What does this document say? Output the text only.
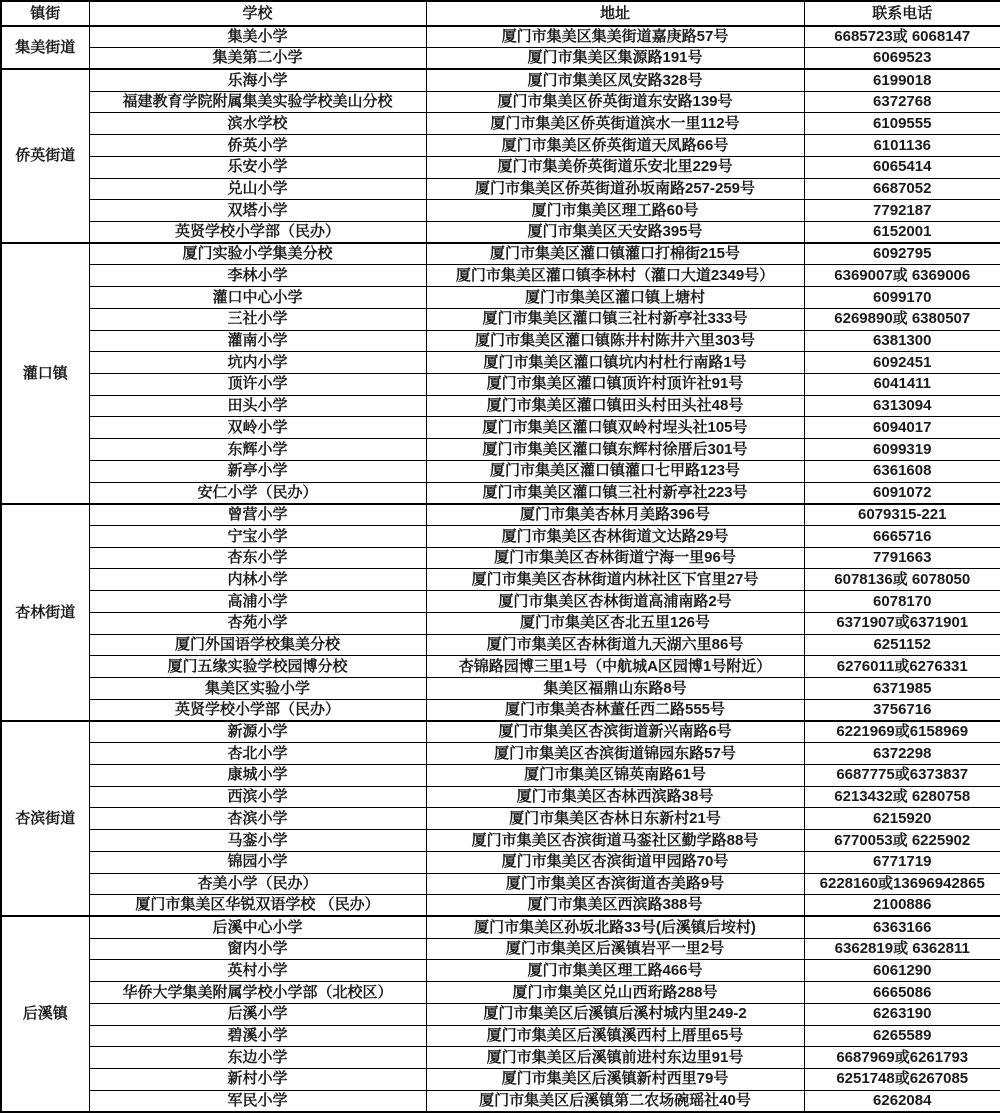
镇街	学校	地址	联系电话
集美街道	集美小学	厦门市集美区集美街道嘉庚路57号	6685723或 6068147
	集美第二小学	厦门市集美区集源路191号	6069523
侨英街道	乐海小学	厦门市集美区凤安路328号	6199018
	福建教育学院附属集美实验学校美山分校	厦门市集美区侨英街道东安路139号	6372768
	滨水学校	厦门市集美区侨英街道滨水一里112号	6109555
	侨英小学	厦门市集美区侨英街道天凤路66号	6101136
	乐安小学	厦门市集美侨英街道乐安北里229号	6065414
	兑山小学	厦门市集美区侨英街道孙坂南路257-259号	6687052
	双塔小学	厦门市集美区理工路60号	7792187
	英贤学校小学部（民办）	厦门市集美区天安路395号	6152001
灌口镇	厦门实验小学集美分校	厦门市集美区灌口镇灌口打棉街215号	6092795
	李林小学	厦门市集美区灌口镇李林村（灌口大道2349号）	6369007或 6369006
	灌口中心小学	厦门市集美区灌口镇上塘村	6099170
	三社小学	厦门市集美区灌口镇三社村新亭社333号	6269890或 6380507
	灌南小学	厦门市集美区灌口镇陈井村陈井六里303号	6381300
	坑内小学	厦门市集美区灌口镇坑内村杜行南路1号	6092451
	顶许小学	厦门市集美区灌口镇顶许村顶许社91号	6041411
	田头小学	厦门市集美区灌口镇田头村田头社48号	6313094
	双岭小学	厦门市集美区灌口镇双岭村埕头社105号	6094017
	东辉小学	厦门市集美区灌口镇东辉村徐厝后301号	6099319
	新亭小学	厦门市集美区灌口镇灌口七甲路123号	6361608
	安仁小学（民办）	厦门市集美区灌口镇三社村新亭社223号	6091072
杏林街道	曾营小学	厦门市集美杏林月美路396号	6079315-221
	宁宝小学	厦门市集美区杏林街道文达路29号	6665716
	杏东小学	厦门市集美区杏林街道宁海一里96号	7791663
	内林小学	厦门市集美区杏林街道内林社区下官里27号	6078136或 6078050
	高浦小学	厦门市集美区杏林街道高浦南路2号	6078170
	杏苑小学	厦门市集美区杏北五里126号	6371907或6371901
	厦门外国语学校集美分校	厦门市集美区杏林街道九天湖六里86号	6251152
	厦门五缘实验学校园博分校	杏锦路园博三里1号（中航城A区园博1号附近）	6276011或6276331
	集美区实验小学	集美区福鼎山东路8号	6371985
	英贤学校小学部（民办）	厦门市集美杏林董任西二路555号	3756716
杏滨街道	新源小学	厦门市集美区杏滨街道新兴南路6号	6221969或6158969
	杏北小学	厦门市集美区杏滨街道锦园东路57号	6372298
	康城小学	厦门市集美区锦英南路61号	6687775或6373837
	西滨小学	厦门市集美区杏林西滨路38号	6213432或 6280758
	杏滨小学	厦门市集美区杏林日东新村21号	6215920
	马銮小学	厦门市集美区杏滨街道马銮社区勤学路88号	6770053或 6225902
	锦园小学	厦门市集美区杏滨街道甲园路70号	6771719
	杏美小学（民办）	厦门市集美区杏滨街道杏美路9号	6228160或13696942865
	厦门市集美区华锐双语学校 （民办）	厦门市集美区西滨路388号	2100886
后溪镇	后溪中心小学	厦门市集美区孙坂北路33号(后溪镇后垵村)	6363166
	窗内小学	厦门市集美区后溪镇岩平一里2号	6362819或 6362811
	英村小学	厦门市集美区理工路466号	6061290
	华侨大学集美附属学校小学部（北校区）	厦门市集美区兑山西珩路288号	6665086
	后溪小学	厦门市集美区后溪镇后溪村城内里249-2	6263190
	碧溪小学	厦门市集美区后溪镇溪西村上厝里65号	6265589
	东边小学	厦门市集美区后溪镇前进村东边里91号	6687969或6261793
	新村小学	厦门市集美区后溪镇新村西里79号	6251748或6267085
	军民小学	厦门市集美区后溪镇第二农场碗瑶社40号	6262084
